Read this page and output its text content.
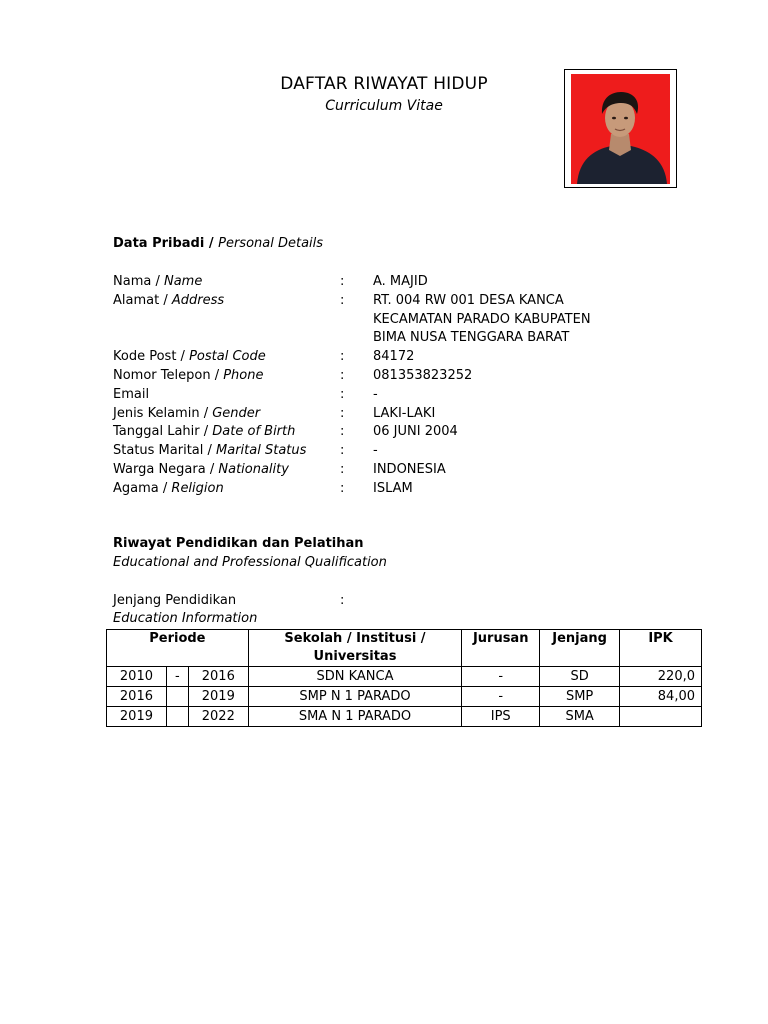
DAFTAR RIWAYAT HIDUP
Curriculum Vitae
Data Pribadi / Personal Details
Nama / Name	: A. MAJID
Alamat / Address	: RT. 004 RW 001 DESA KANCA
KECAMATAN PARADO KABUPATEN
BIMA NUSA TENGGARA BARAT
Kode Post / Postal Code	: 84172
Nomor Telepon / Phone	: 081353823252
Email	: -
Jenis Kelamin / Gender	: LAKI-LAKI
Tanggal Lahir / Date of Birth	: 06 JUNI 2004
Status Marital / Marital Status	: -
Warga Negara / Nationality	: INDONESIA
Agama / Religion	: ISLAM
Riwayat Pendidikan dan Pelatihan
Educational and Professional Qualification
Jenjang Pendidikan	:
Education Information
Periode			Sekolah / Institusi / Universitas	Jurusan	Jenjang	IPK
2010	-	2016	SDN KANCA	-	SD	220,0
2016		2019	SMP N 1 PARADO	-	SMP	84,00
2019		2022	SMA N 1 PARADO	IPS	SMA	
